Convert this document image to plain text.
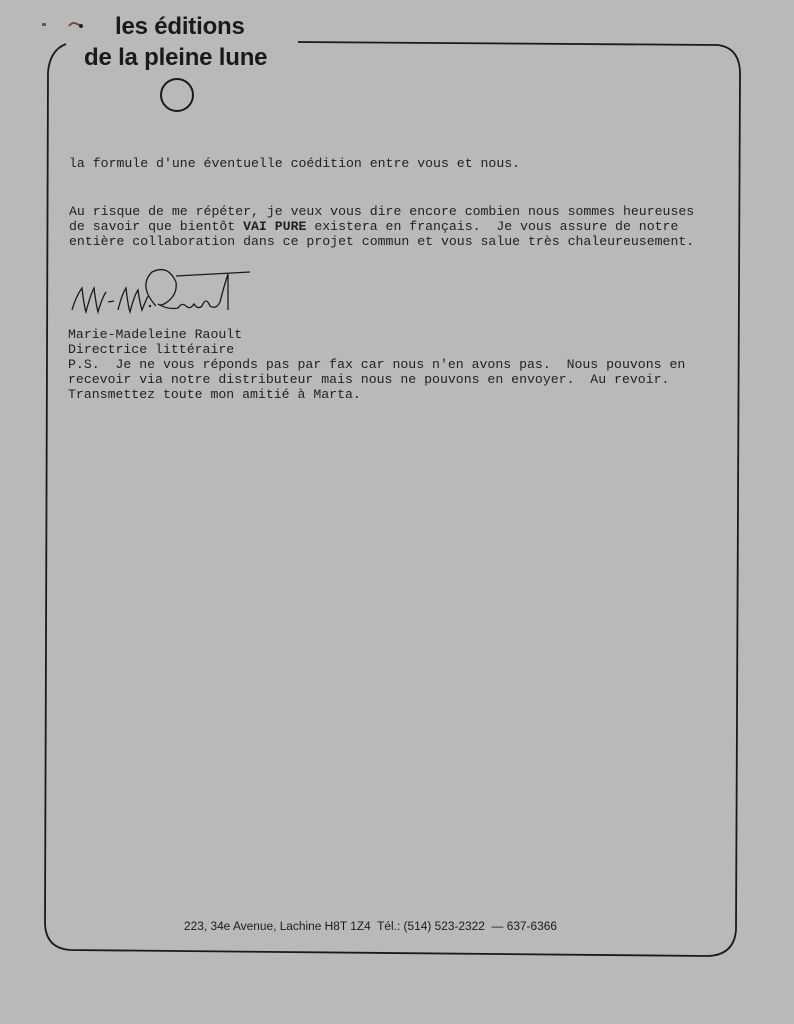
les éditions
de la pleine lune
la formule d'une éventuelle coédition entre vous et nous.
Au risque de me répéter, je veux vous dire encore combien nous sommes heureuses
de savoir que bientôt VAI PURE existera en français.  Je vous assure de notre
entière collaboration dans ce projet commun et vous salue très chaleureusement.
Marie-Madeleine Raoult
Directrice littéraire
P.S.  Je ne vous réponds pas par fax car nous n'en avons pas.  Nous pouvons en
recevoir via notre distributeur mais nous ne pouvons en envoyer.  Au revoir.
Transmettez toute mon amitié à Marta.
223, 34e Avenue, Lachine H8T 1Z4  Tél.: (514) 523-2322  — 637-6366
